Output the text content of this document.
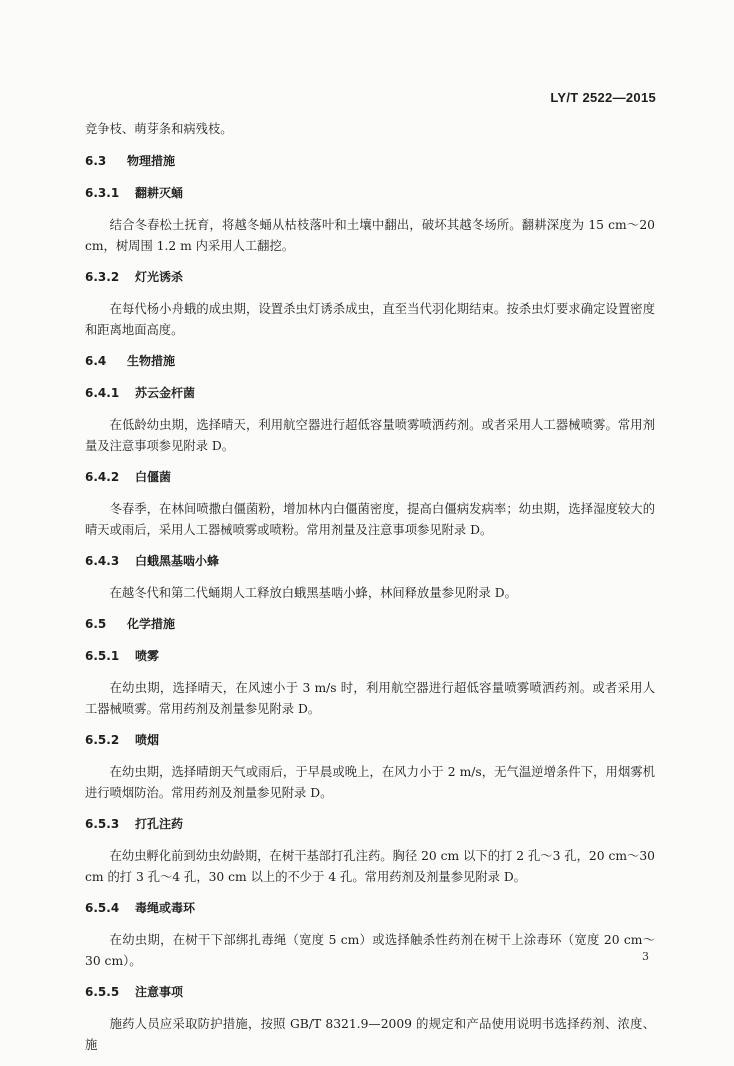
LY/T 2522—2015

竞争枝、萌芽条和病残枝。

6.3 物理措施
6.3.1 翻耕灭蛹

结合冬春松土抚育，将越冬蛹从枯枝落叶和土壤中翻出，破坏其越冬场所。翻耕深度为 15 cm～20 cm，树周围 1.2 m 内采用人工翻挖。

6.3.2 灯光诱杀

在每代杨小舟蛾的成虫期，设置杀虫灯诱杀成虫，直至当代羽化期结束。按杀虫灯要求确定设置密度和距离地面高度。

6.4 生物措施
6.4.1 苏云金杆菌

在低龄幼虫期，选择晴天，利用航空器进行超低容量喷雾喷洒药剂。或者采用人工器械喷雾。常用剂量及注意事项参见附录 D。

6.4.2 白僵菌

冬春季，在林间喷撒白僵菌粉，增加林内白僵菌密度，提高白僵病发病率；幼虫期，选择湿度较大的晴天或雨后，采用人工器械喷雾或喷粉。常用剂量及注意事项参见附录 D。

6.4.3 白蛾黑基啮小蜂

在越冬代和第二代蛹期人工释放白蛾黑基啮小蜂，林间释放量参见附录 D。

6.5 化学措施
6.5.1 喷雾

在幼虫期，选择晴天，在风速小于 3 m/s 时，利用航空器进行超低容量喷雾喷洒药剂。或者采用人工器械喷雾。常用药剂及剂量参见附录 D。

6.5.2 喷烟

在幼虫期，选择晴朗天气或雨后，于早晨或晚上，在风力小于 2 m/s，无气温逆增条件下，用烟雾机进行喷烟防治。常用药剂及剂量参见附录 D。

6.5.3 打孔注药

在幼虫孵化前到幼虫幼龄期，在树干基部打孔注药。胸径 20 cm 以下的打 2 孔～3 孔，20 cm～30 cm 的打 3 孔～4 孔，30 cm 以上的不少于 4 孔。常用药剂及剂量参见附录 D。

6.5.4 毒绳或毒环

在幼虫期，在树干下部绑扎毒绳（宽度 5 cm）或选择触杀性药剂在树干上涂毒环（宽度 20 cm～30 cm）。

6.5.5 注意事项

施药人员应采取防护措施，按照 GB/T 8321.9—2009 的规定和产品使用说明书选择药剂、浓度、施

3
